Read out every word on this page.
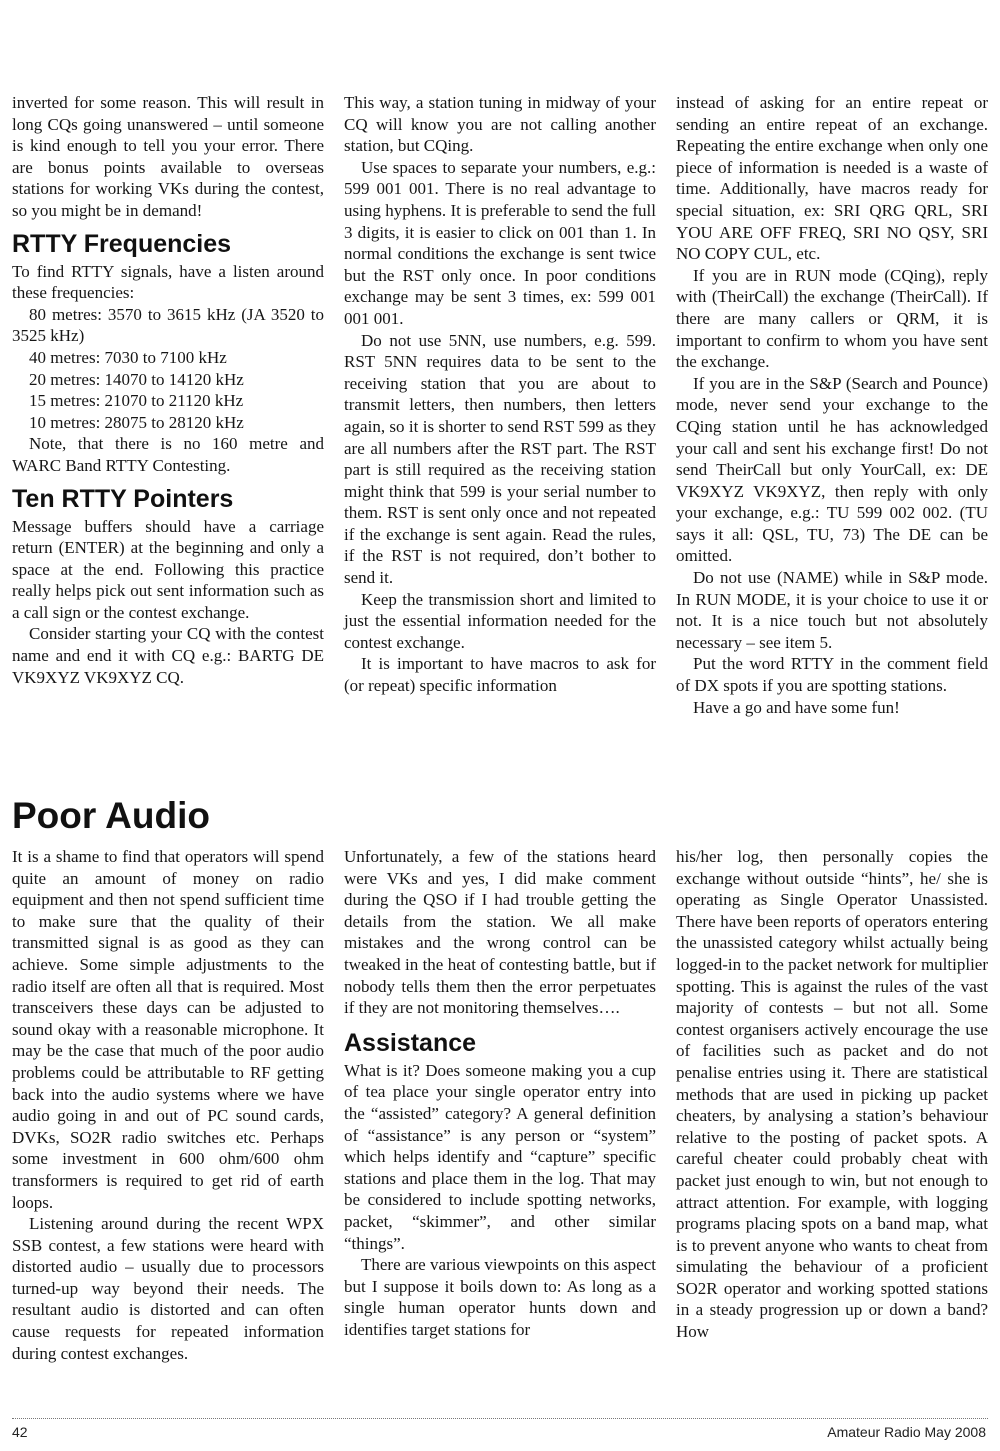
inverted for some reason. This will result in long CQs going unanswered – until someone is kind enough to tell you your error. There are bonus points available to overseas stations for working VKs during the contest, so you might be in demand!

RTTY Frequencies

To find RTTY signals, have a listen around these frequencies:

80 metres: 3570 to 3615 kHz (JA 3520 to 3525 kHz)

40 metres: 7030 to 7100 kHz

20 metres: 14070 to 14120 kHz

15 metres: 21070 to 21120 kHz

10 metres: 28075 to 28120 kHz

Note, that there is no 160 metre and WARC Band RTTY Contesting.

Ten RTTY Pointers

Message buffers should have a carriage return (ENTER) at the beginning and only a space at the end. Following this practice really helps pick out sent information such as a call sign or the contest exchange.

Consider starting your CQ with the contest name and end it with CQ e.g.: BARTG DE VK9XYZ VK9XYZ CQ.

This way, a station tuning in midway of your CQ will know you are not calling another station, but CQing.

Use spaces to separate your numbers, e.g.: 599 001 001. There is no real advantage to using hyphens. It is preferable to send the full 3 digits, it is easier to click on 001 than 1. In normal conditions the exchange is sent twice but the RST only once. In poor conditions exchange may be sent 3 times, ex: 599 001 001 001.

Do not use 5NN, use numbers, e.g. 599. RST 5NN requires data to be sent to the receiving station that you are about to transmit letters, then numbers, then letters again, so it is shorter to send RST 599 as they are all numbers after the RST part. The RST part is still required as the receiving station might think that 599 is your serial number to them. RST is sent only once and not repeated if the exchange is sent again. Read the rules, if the RST is not required, don’t bother to send it.

Keep the transmission short and limited to just the essential information needed for the contest exchange.

It is important to have macros to ask for (or repeat) specific information

instead of asking for an entire repeat or sending an entire repeat of an exchange. Repeating the entire exchange when only one piece of information is needed is a waste of time. Additionally, have macros ready for special situation, ex: SRI QRG QRL, SRI YOU ARE OFF FREQ, SRI NO QSY, SRI NO COPY CUL, etc.

If you are in RUN mode (CQing), reply with (TheirCall) the exchange (TheirCall). If there are many callers or QRM, it is important to confirm to whom you have sent the exchange.

If you are in the S&P (Search and Pounce) mode, never send your exchange to the CQing station until he has acknowledged your call and sent his exchange first! Do not send TheirCall but only YourCall, ex: DE VK9XYZ VK9XYZ, then reply with only your exchange, e.g.: TU 599 002 002. (TU says it all: QSL, TU, 73) The DE can be omitted.

Do not use (NAME) while in S&P mode. In RUN MODE, it is your choice to use it or not. It is a nice touch but not absolutely necessary – see item 5.

Put the word RTTY in the comment field of DX spots if you are spotting stations.

Have a go and have some fun!

Poor Audio

It is a shame to find that operators will spend quite an amount of money on radio equipment and then not spend sufficient time to make sure that the quality of their transmitted signal is as good as they can achieve. Some simple adjustments to the radio itself are often all that is required. Most transceivers these days can be adjusted to sound okay with a reasonable microphone. It may be the case that much of the poor audio problems could be attributable to RF getting back into the audio systems where we have audio going in and out of PC sound cards, DVKs, SO2R radio switches etc. Perhaps some investment in 600 ohm/600 ohm transformers is required to get rid of earth loops.

Listening around during the recent WPX SSB contest, a few stations were heard with distorted audio – usually due to processors turned-up way beyond their needs. The resultant audio is distorted and can often cause requests for repeated information during contest exchanges.

Unfortunately, a few of the stations heard were VKs and yes, I did make comment during the QSO if I had trouble getting the details from the station. We all make mistakes and the wrong control can be tweaked in the heat of contesting battle, but if nobody tells them then the error perpetuates if they are not monitoring themselves….

Assistance

What is it? Does someone making you a cup of tea place your single operator entry into the “assisted” category? A general definition of “assistance” is any person or “system” which helps identify and “capture” specific stations and place them in the log. That may be considered to include spotting networks, packet, “skimmer”, and other similar “things”.

There are various viewpoints on this aspect but I suppose it boils down to: As long as a single human operator hunts down and identifies target stations for

his/her log, then personally copies the exchange without outside “hints”, he/ she is operating as Single Operator Unassisted. There have been reports of operators entering the unassisted category whilst actually being logged-in to the packet network for multiplier spotting. This is against the rules of the vast majority of contests – but not all. Some contest organisers actively encourage the use of facilities such as packet and do not penalise entries using it. There are statistical methods that are used in picking up packet cheaters, by analysing a station’s behaviour relative to the posting of packet spots. A careful cheater could probably cheat with packet just enough to win, but not enough to attract attention. For example, with logging programs placing spots on a band map, what is to prevent anyone who wants to cheat from simulating the behaviour of a proficient SO2R operator and working spotted stations in a steady progression up or down a band? How

42	Amateur Radio May 2008
